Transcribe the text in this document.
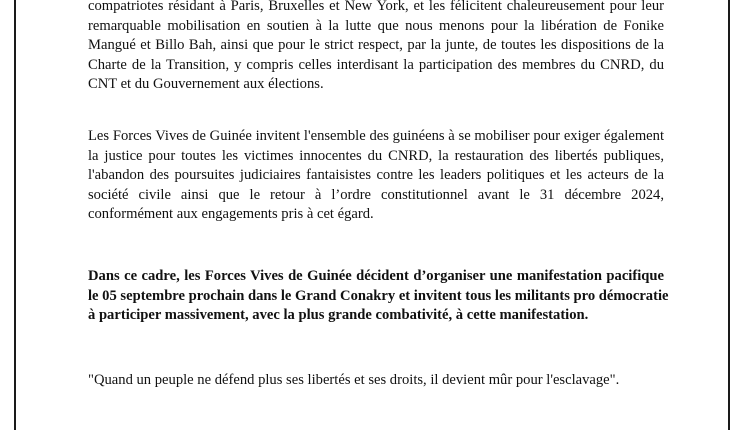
compatriotes résidant à Paris, Bruxelles et New York, et les félicitent chaleureusement pour leur
remarquable mobilisation en soutien à la lutte que nous menons pour la libération de Fonike
Mangué et Billo Bah, ainsi que pour le strict respect, par la junte, de toutes les dispositions de la
Charte de la Transition, y compris celles interdisant la participation des membres du CNRD, du
CNT et du Gouvernement aux élections.

Les Forces Vives de Guinée invitent l'ensemble des guinéens à se mobiliser pour exiger également
la justice pour toutes les victimes innocentes du CNRD, la restauration des libertés publiques,
l'abandon des poursuites judiciaires fantaisistes contre les leaders politiques et les acteurs de la
société civile ainsi que le retour à l’ordre constitutionnel avant le 31 décembre 2024,
conformément aux engagements pris à cet égard.

Dans ce cadre, les Forces Vives de Guinée décident d’organiser une manifestation pacifique
le 05 septembre prochain dans le Grand Conakry et invitent tous les militants pro démocratie
à participer massivement, avec la plus grande combativité, à cette manifestation.

"Quand un peuple ne défend plus ses libertés et ses droits, il devient mûr pour l'esclavage".
